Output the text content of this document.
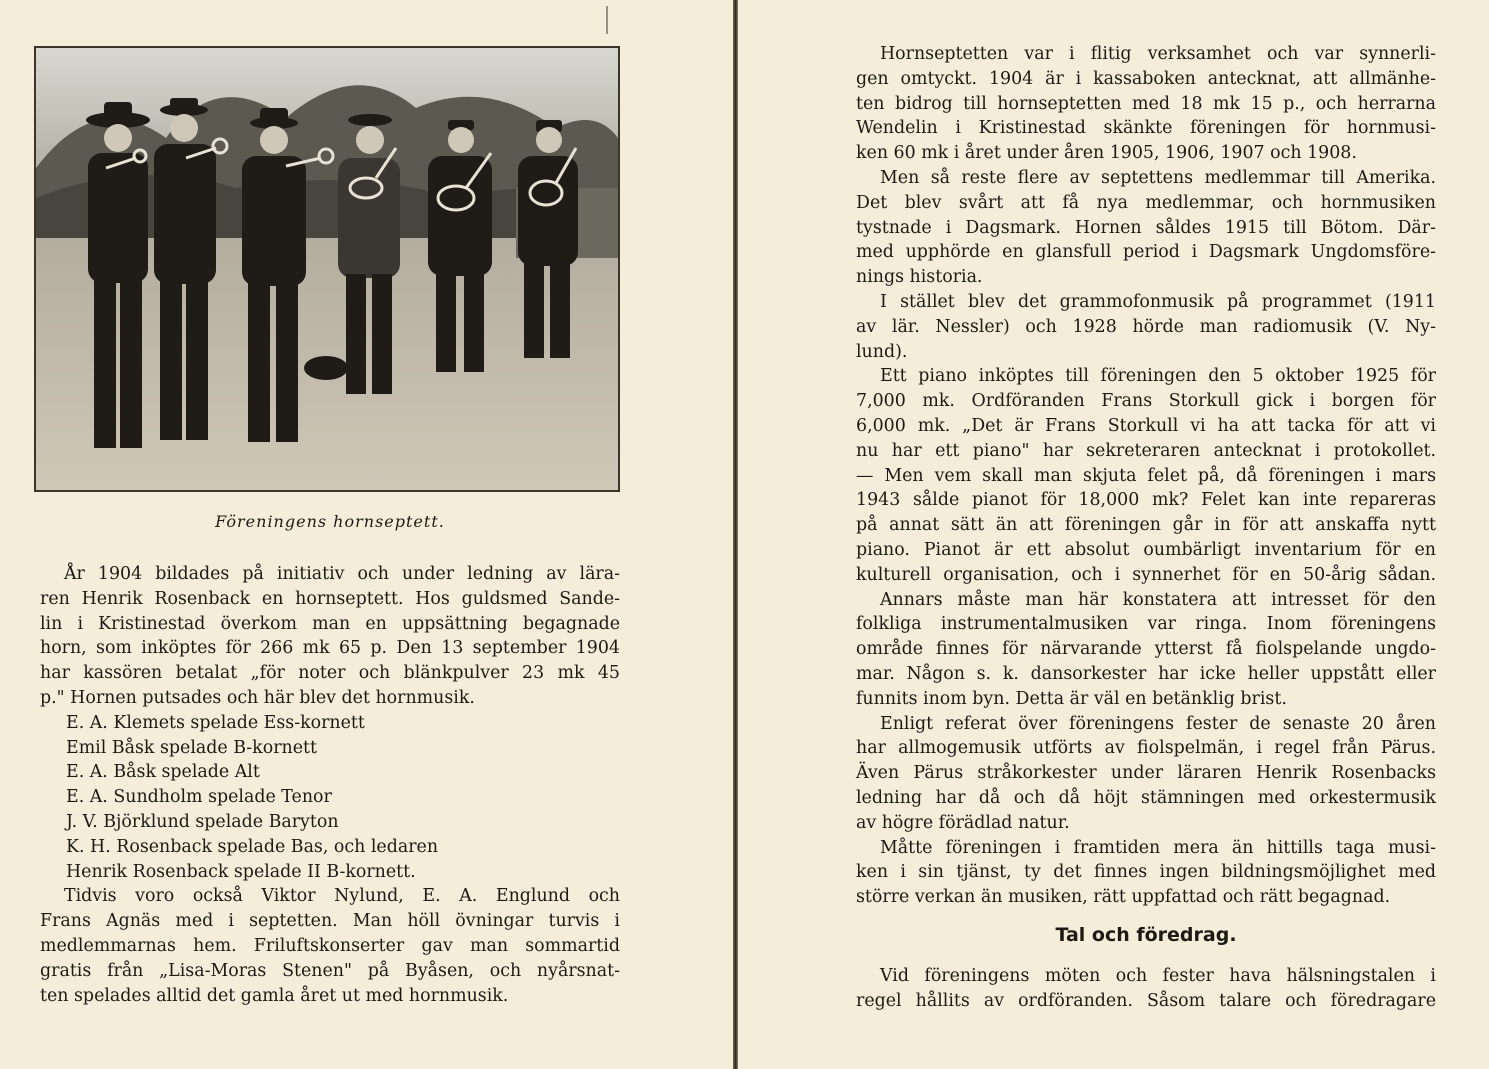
Föreningens hornseptett.
År 1904 bildades på initiativ och under ledning av lära-
ren Henrik Rosenback en hornseptett. Hos guldsmed Sande-
lin i Kristinestad överkom man en uppsättning begagnade
horn, som inköptes för 266 mk 65 p. Den 13 september 1904
har kassören betalat „för noter och blänkpulver 23 mk 45
p." Hornen putsades och här blev det hornmusik.
E. A. Klemets spelade Ess-kornett
Emil Båsk spelade B-kornett
E. A. Båsk spelade Alt
E. A. Sundholm spelade Tenor
J. V. Björklund spelade Baryton
K. H. Rosenback spelade Bas, och ledaren
Henrik Rosenback spelade II B-kornett.
Tidvis voro också Viktor Nylund, E. A. Englund och
Frans Agnäs med i septetten. Man höll övningar turvis i
medlemmarnas hem. Friluftskonserter gav man sommartid
gratis från „Lisa-Moras Stenen" på Byåsen, och nyårsnat-
ten spelades alltid det gamla året ut med hornmusik.
Hornseptetten var i flitig verksamhet och var synnerli-
gen omtyckt. 1904 är i kassaboken antecknat, att allmänhe-
ten bidrog till hornseptetten med 18 mk 15 p., och herrarna
Wendelin i Kristinestad skänkte föreningen för hornmusi-
ken 60 mk i året under åren 1905, 1906, 1907 och 1908.
Men så reste flere av septettens medlemmar till Amerika.
Det blev svårt att få nya medlemmar, och hornmusiken
tystnade i Dagsmark. Hornen såldes 1915 till Bötom. Där-
med upphörde en glansfull period i Dagsmark Ungdomsföre-
nings historia.
I stället blev det grammofonmusik på programmet (1911
av lär. Nessler) och 1928 hörde man radiomusik (V. Ny-
lund).
Ett piano inköptes till föreningen den 5 oktober 1925 för
7,000 mk. Ordföranden Frans Storkull gick i borgen för
6,000 mk. „Det är Frans Storkull vi ha att tacka för att vi
nu har ett piano" har sekreteraren antecknat i protokollet.
— Men vem skall man skjuta felet på, då föreningen i mars
1943 sålde pianot för 18,000 mk? Felet kan inte repareras
på annat sätt än att föreningen går in för att anskaffa nytt
piano. Pianot är ett absolut oumbärligt inventarium för en
kulturell organisation, och i synnerhet för en 50-årig sådan.
Annars måste man här konstatera att intresset för den
folkliga instrumentalmusiken var ringa. Inom föreningens
område finnes för närvarande ytterst få fiolspelande ungdo-
mar. Någon s. k. dansorkester har icke heller uppstått eller
funnits inom byn. Detta är väl en betänklig brist.
Enligt referat över föreningens fester de senaste 20 åren
har allmogemusik utförts av fiolspelmän, i regel från Pärus.
Även Pärus stråkorkester under läraren Henrik Rosenbacks
ledning har då och då höjt stämningen med orkestermusik
av högre förädlad natur.
Måtte föreningen i framtiden mera än hittills taga musi-
ken i sin tjänst, ty det finnes ingen bildningsmöjlighet med
större verkan än musiken, rätt uppfattad och rätt begagnad.
Tal och föredrag.
Vid föreningens möten och fester hava hälsningstalen i
regel hållits av ordföranden. Såsom talare och föredragare
